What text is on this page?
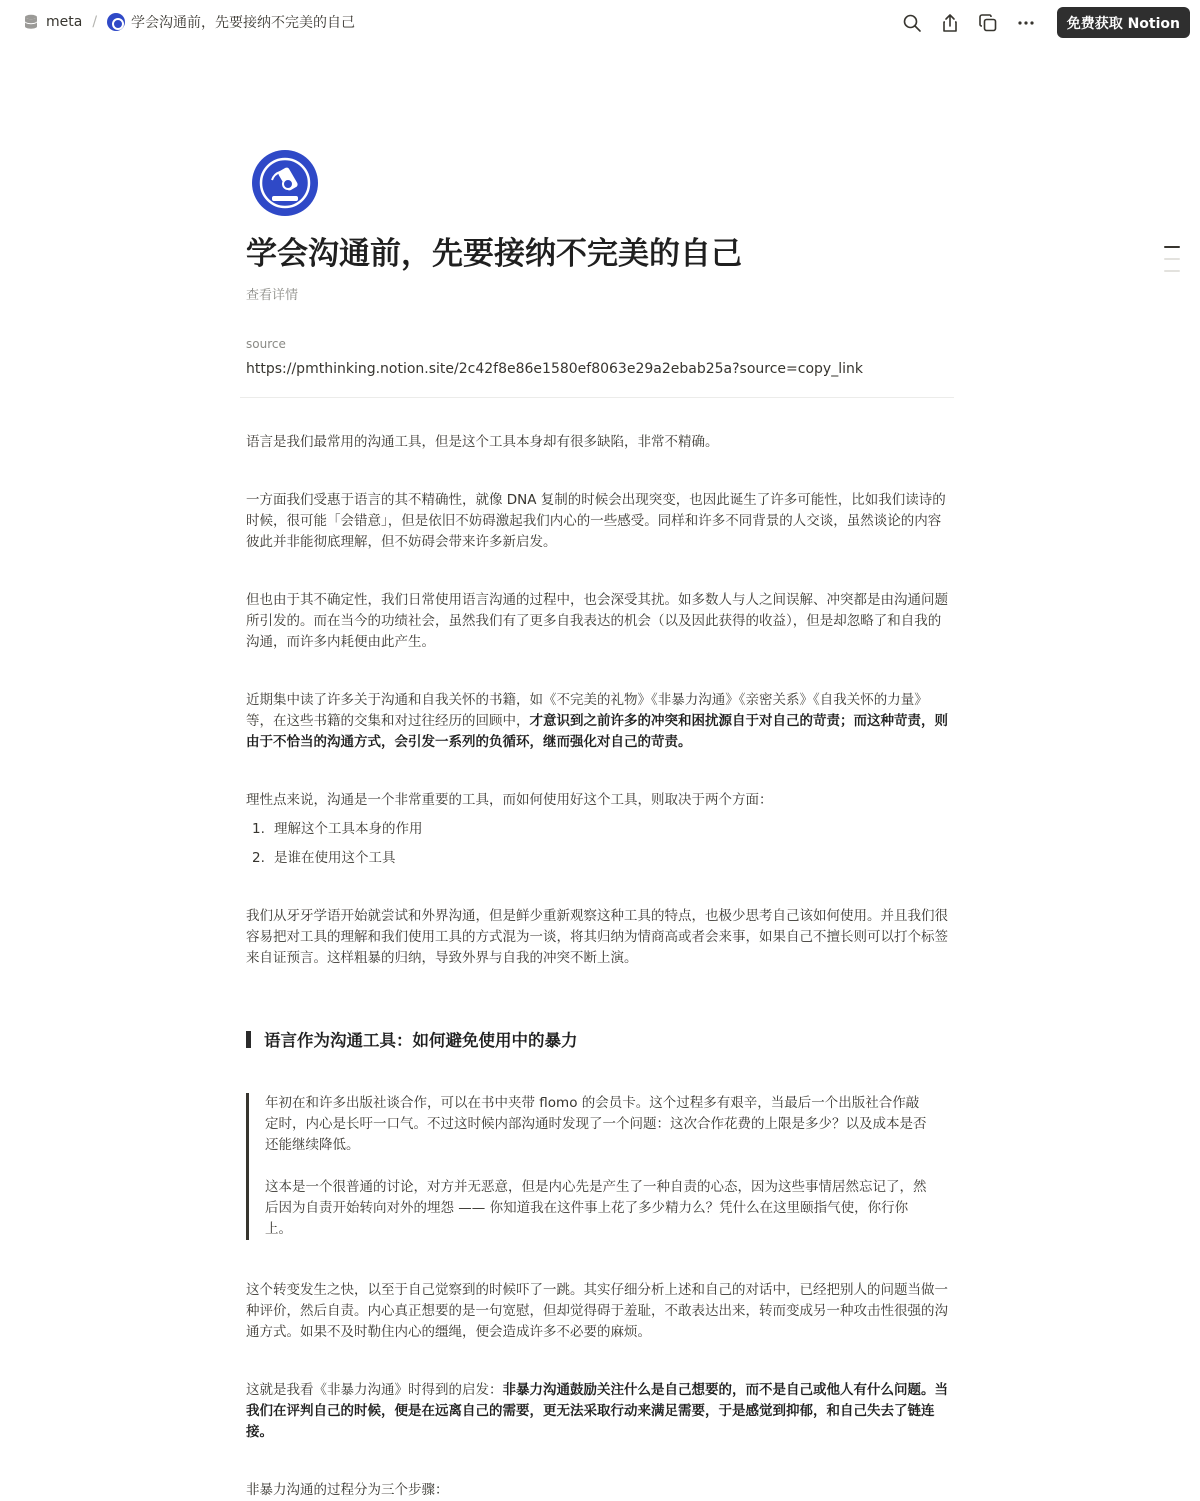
meta / 学会沟通前，先要接纳不完美的自己	免费获取 Notion
学会沟通前，先要接纳不完美的自己
查看详情
source
https://pmthinking.notion.site/2c42f8e86e1580ef8063e29a2ebab25a?source=copy_link

语言是我们最常用的沟通工具，但是这个工具本身却有很多缺陷，非常不精确。

一方面我们受惠于语言的其不精确性，就像 DNA 复制的时候会出现突变，也因此诞生了许多可能性，比如我们读诗的时候，很可能「会错意」，但是依旧不妨碍激起我们内心的一些感受。同样和许多不同背景的人交谈，虽然谈论的内容彼此并非能彻底理解，但不妨碍会带来许多新启发。

但也由于其不确定性，我们日常使用语言沟通的过程中，也会深受其扰。如多数人与人之间误解、冲突都是由沟通问题所引发的。而在当今的功绩社会，虽然我们有了更多自我表达的机会（以及因此获得的收益），但是却忽略了和自我的沟通，而许多内耗便由此产生。

近期集中读了许多关于沟通和自我关怀的书籍，如《不完美的礼物》《非暴力沟通》《亲密关系》《自我关怀的力量》等，在这些书籍的交集和对过往经历的回顾中，才意识到之前许多的冲突和困扰源自于对自己的苛责；而这种苛责，则由于不恰当的沟通方式，会引发一系列的负循环，继而强化对自己的苛责。

理性点来说，沟通是一个非常重要的工具，而如何使用好这个工具，则取决于两个方面：

1. 理解这个工具本身的作用
2. 是谁在使用这个工具

我们从牙牙学语开始就尝试和外界沟通，但是鲜少重新观察这种工具的特点，也极少思考自己该如何使用。并且我们很容易把对工具的理解和我们使用工具的方式混为一谈，将其归纳为情商高或者会来事，如果自己不擅长则可以打个标签来自证预言。这样粗暴的归纳，导致外界与自我的冲突不断上演。

语言作为沟通工具：如何避免使用中的暴力

年初在和许多出版社谈合作，可以在书中夹带 flomo 的会员卡。这个过程多有艰辛，当最后一个出版社合作敲定时，内心是长吁一口气。不过这时候内部沟通时发现了一个问题：这次合作花费的上限是多少？以及成本是否还能继续降低。

这本是一个很普通的讨论，对方并无恶意，但是内心先是产生了一种自责的心态，因为这些事情居然忘记了，然后因为自责开始转向对外的埋怨 —— 你知道我在这件事上花了多少精力么？凭什么在这里颐指气使，你行你上。

这个转变发生之快，以至于自己觉察到的时候吓了一跳。其实仔细分析上述和自己的对话中，已经把别人的问题当做一种评价，然后自责。内心真正想要的是一句宽慰，但却觉得碍于羞耻，不敢表达出来，转而变成另一种攻击性很强的沟通方式。如果不及时勒住内心的缰绳，便会造成许多不必要的麻烦。

这就是我看《非暴力沟通》时得到的启发：非暴力沟通鼓励关注什么是自己想要的，而不是自己或他人有什么问题。当我们在评判自己的时候，便是在远离自己的需要，更无法采取行动来满足需要，于是感觉到抑郁，和自己失去了链连接。

非暴力沟通的过程分为三个步骤：
